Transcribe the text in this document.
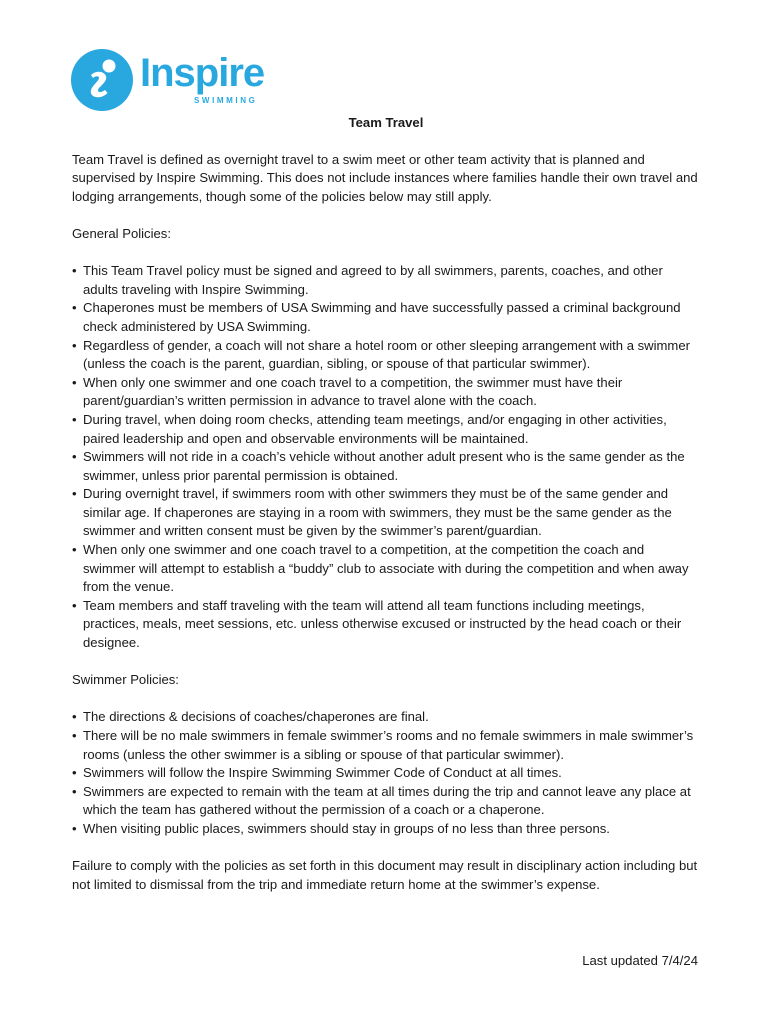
Inspire
SWIMMING
Team Travel

Team Travel is defined as overnight travel to a swim meet or other team activity that is planned and supervised by Inspire Swimming. This does not include instances where families handle their own travel and lodging arrangements, though some of the policies below may still apply.

General Policies:

• This Team Travel policy must be signed and agreed to by all swimmers, parents, coaches, and other adults traveling with Inspire Swimming.
• Chaperones must be members of USA Swimming and have successfully passed a criminal background check administered by USA Swimming.
• Regardless of gender, a coach will not share a hotel room or other sleeping arrangement with a swimmer (unless the coach is the parent, guardian, sibling, or spouse of that particular swimmer).
• When only one swimmer and one coach travel to a competition, the swimmer must have their parent/guardian’s written permission in advance to travel alone with the coach.
• During travel, when doing room checks, attending team meetings, and/or engaging in other activities, paired leadership and open and observable environments will be maintained.
• Swimmers will not ride in a coach’s vehicle without another adult present who is the same gender as the swimmer, unless prior parental permission is obtained.
• During overnight travel, if swimmers room with other swimmers they must be of the same gender and similar age. If chaperones are staying in a room with swimmers, they must be the same gender as the swimmer and written consent must be given by the swimmer’s parent/guardian.
• When only one swimmer and one coach travel to a competition, at the competition the coach and swimmer will attempt to establish a “buddy” club to associate with during the competition and when away from the venue.
• Team members and staff traveling with the team will attend all team functions including meetings, practices, meals, meet sessions, etc. unless otherwise excused or instructed by the head coach or their designee.

Swimmer Policies:

• The directions & decisions of coaches/chaperones are final.
• There will be no male swimmers in female swimmer’s rooms and no female swimmers in male swimmer’s rooms (unless the other swimmer is a sibling or spouse of that particular swimmer).
• Swimmers will follow the Inspire Swimming Swimmer Code of Conduct at all times.
• Swimmers are expected to remain with the team at all times during the trip and cannot leave any place at which the team has gathered without the permission of a coach or a chaperone.
• When visiting public places, swimmers should stay in groups of no less than three persons.

Failure to comply with the policies as set forth in this document may result in disciplinary action including but not limited to dismissal from the trip and immediate return home at the swimmer’s expense.

Last updated 7/4/24
